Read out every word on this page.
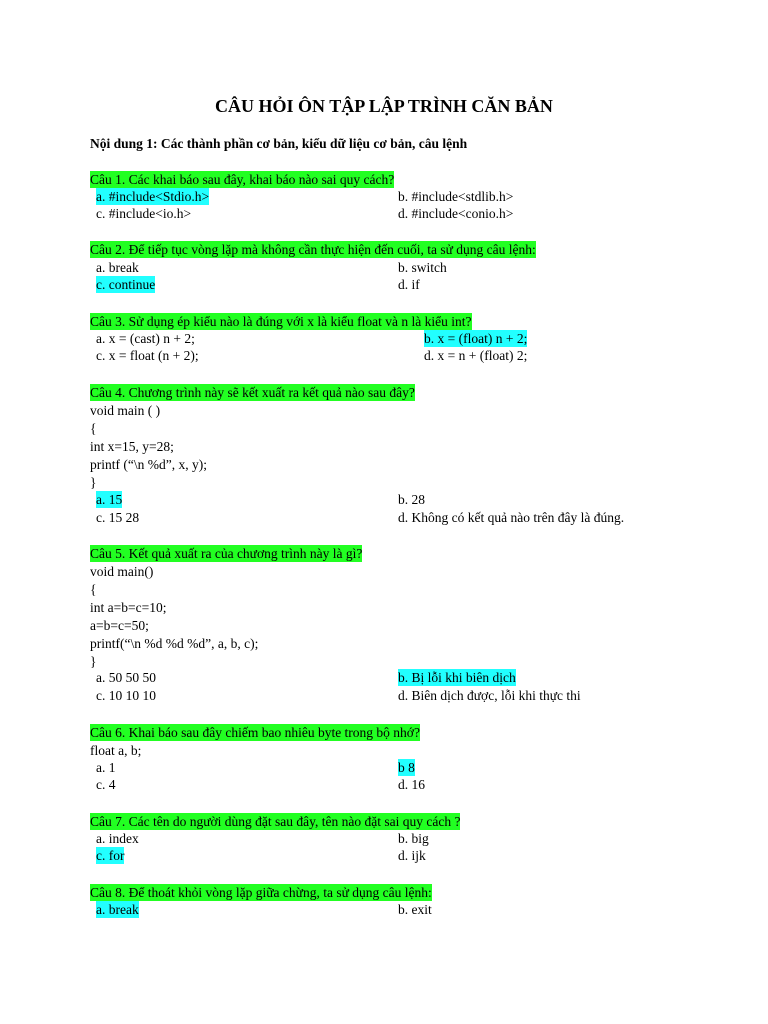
CÂU HỎI ÔN TẬP LẬP TRÌNH CĂN BẢN
Nội dung 1: Các thành phần cơ bản, kiểu dữ liệu cơ bản, câu lệnh
Câu 1. Các khai báo sau đây, khai báo nào sai quy cách?
a. #include<Stdio.h>	b. #include<stdlib.h>
c. #include<io.h>	d. #include<conio.h>
Câu 2. Để tiếp tục vòng lặp mà không cần thực hiện đến cuối, ta sử dụng câu lệnh:
a. break	b. switch
c. continue	d. if
Câu 3. Sử dụng ép kiểu nào là đúng với x là kiểu float và n là kiểu int?
a. x = (cast) n + 2;	b. x = (float) n + 2;
c. x = float (n + 2);	d. x = n + (float) 2;
Câu 4. Chương trình này sẽ kết xuất ra kết quả nào sau đây?
void main ( )
{
int x=15, y=28;
printf (“\n %d”, x, y);
}
a. 15	b. 28
c. 15 28	d. Không có kết quả nào trên đây là đúng.
Câu 5. Kết quả xuất ra của chương trình này là gì?
void main()
{
int a=b=c=10;
a=b=c=50;
printf(“\n %d %d %d”, a, b, c);
}
a. 50 50 50	b. Bị lỗi khi biên dịch
c. 10 10 10	d. Biên dịch được, lỗi khi thực thi
Câu 6. Khai báo sau đây chiếm bao nhiêu byte trong bộ nhớ?
float a, b;
a. 1	b 8
c. 4	d. 16
Câu 7. Các tên do người dùng đặt sau đây, tên nào đặt sai quy cách ?
a. index	b. big
c. for	d. ijk
Câu 8. Để thoát khỏi vòng lặp giữa chừng, ta sử dụng câu lệnh:
a. break	b. exit
